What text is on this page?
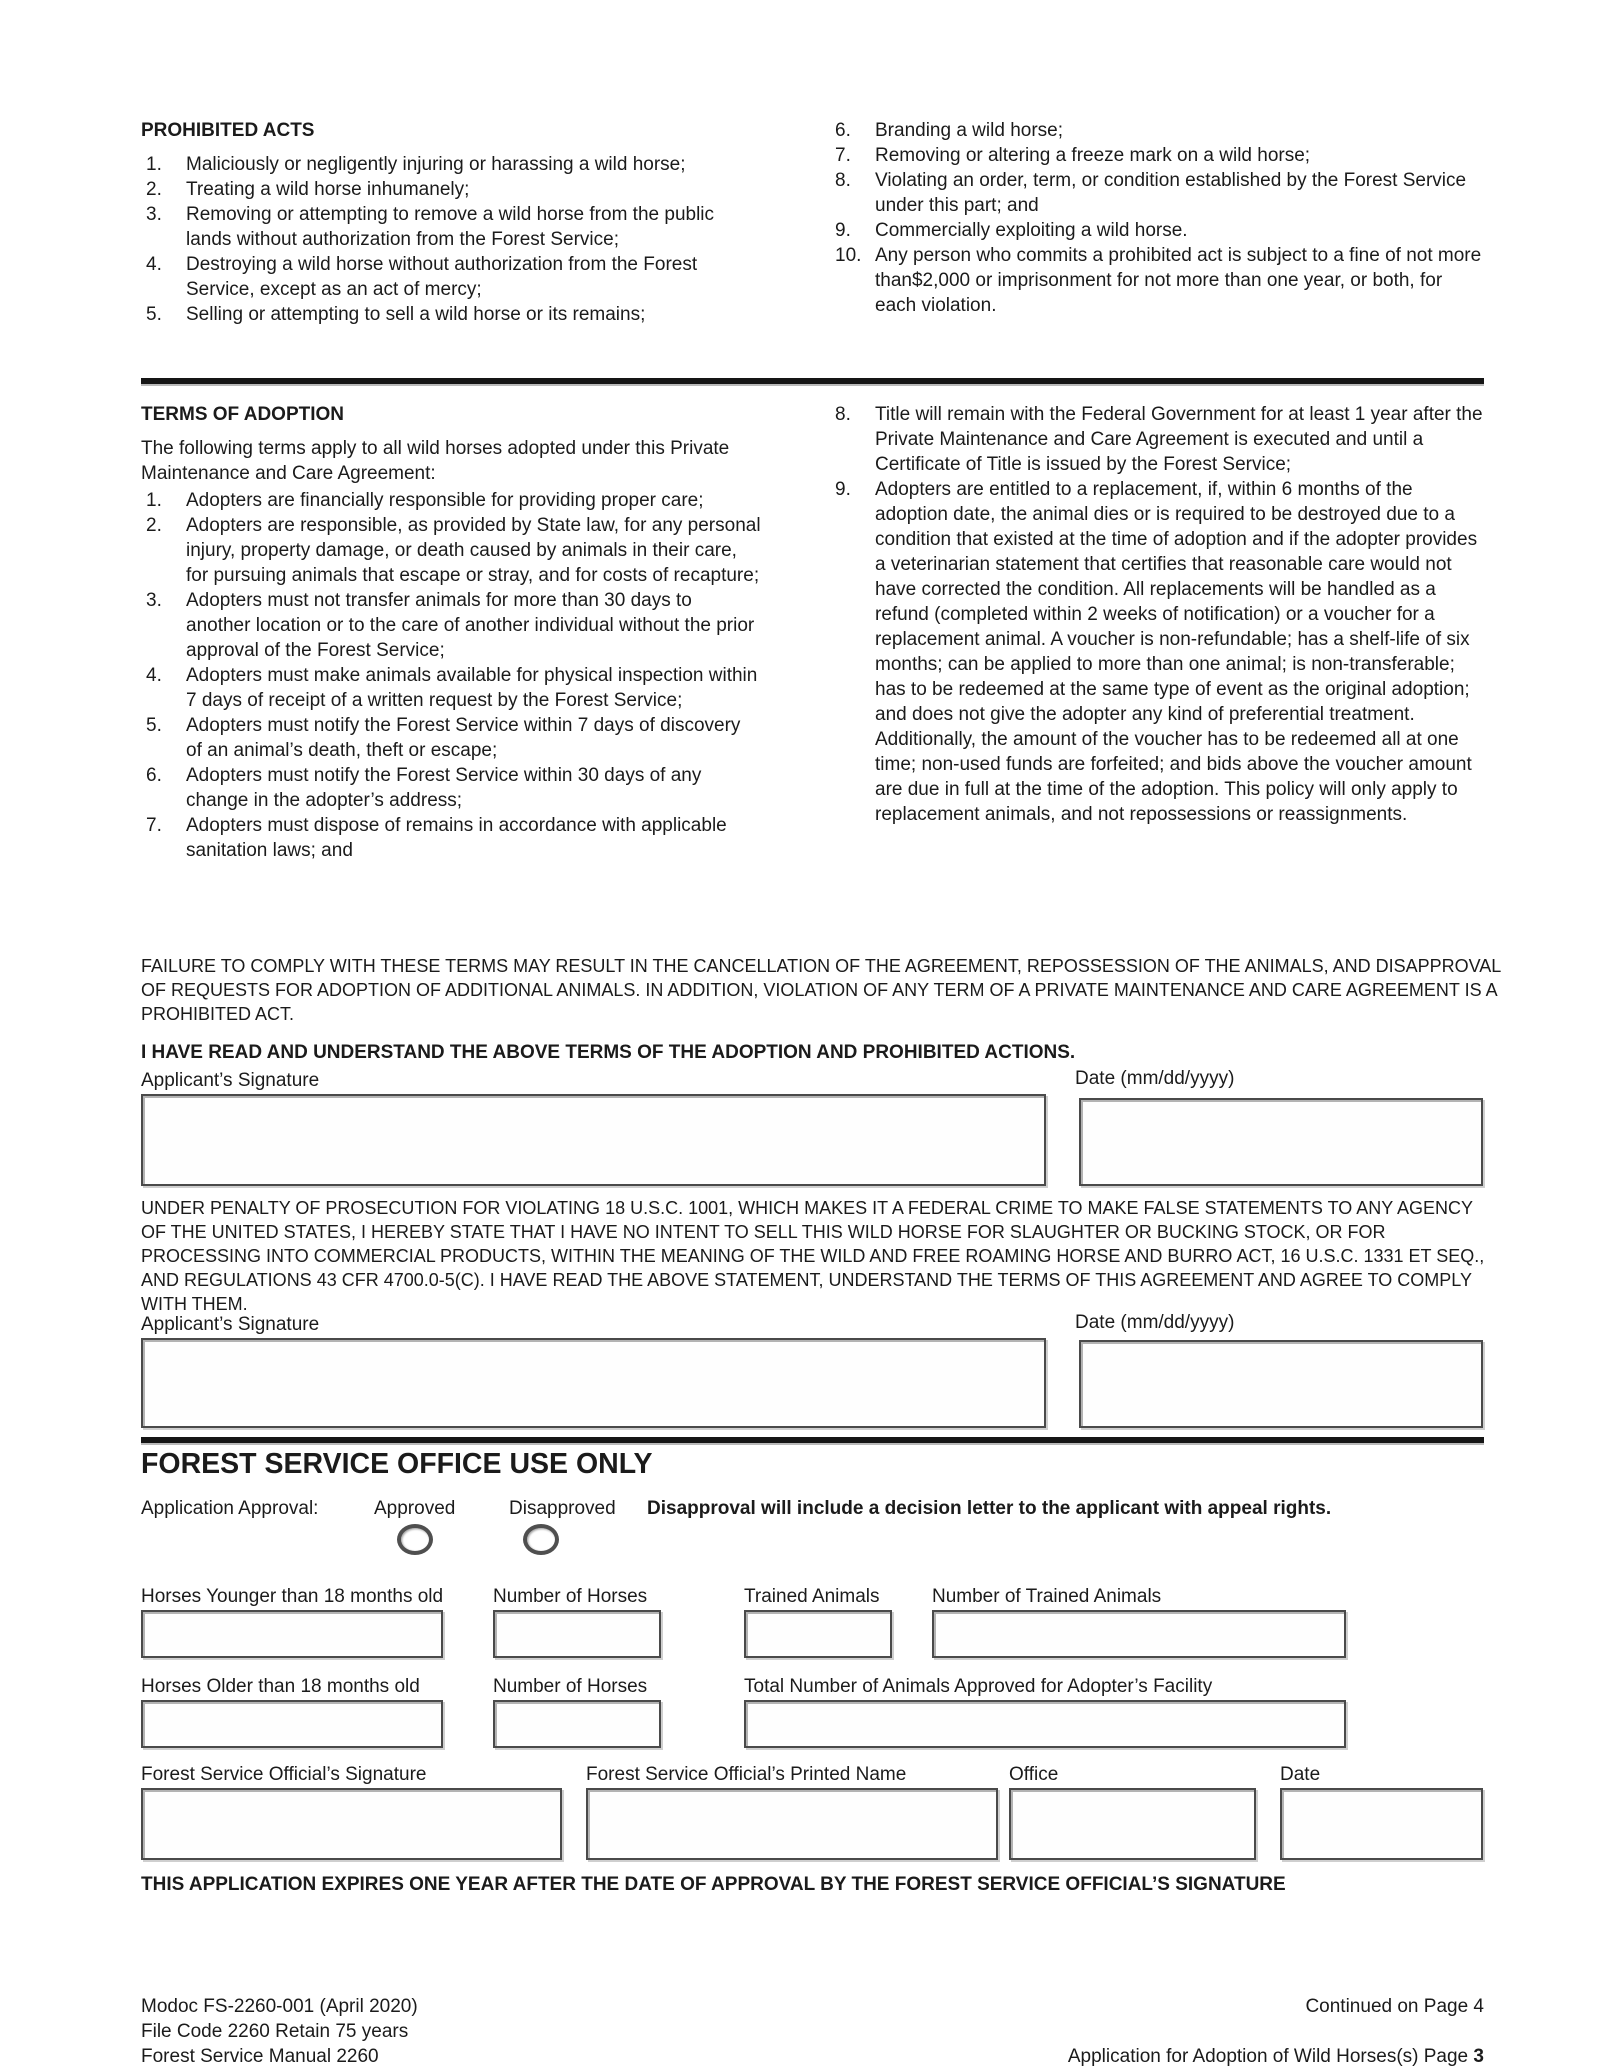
PROHIBITED ACTS
1.	Maliciously or negligently injuring or harassing a wild horse;
2.	Treating a wild horse inhumanely;
3.	Removing or attempting to remove a wild horse from the public lands without authorization from the Forest Service;
4.	Destroying a wild horse without authorization from the Forest Service, except as an act of mercy;
5.	Selling or attempting to sell a wild horse or its remains;
6.	Branding a wild horse;
7.	Removing or altering a freeze mark on a wild horse;
8.	Violating an order, term, or condition established by the Forest Service under this part; and
9.	Commercially exploiting a wild horse.
10. Any person who commits a prohibited act is subject to a fine of not more than$2,000 or imprisonment for not more than one year, or both, for each violation.
TERMS OF ADOPTION

The following terms apply to all wild horses adopted under this Private Maintenance and Care Agreement:

1.	Adopters are financially responsible for providing proper care;
2.	Adopters are responsible, as provided by State law, for any personal injury, property damage, or death caused by animals in their care, for pursuing animals that escape or stray, and for costs of recapture;
3.	Adopters must not transfer animals for more than 30 days to another location or to the care of another individual without the prior approval of the Forest Service;
4.	Adopters must make animals available for physical inspection within 7 days of receipt of a written request by the Forest Service;
5.	Adopters must notify the Forest Service within 7 days of discovery of an animal’s death, theft or escape;
6.	Adopters must notify the Forest Service within 30 days of any change in the adopter’s address;
7.	Adopters must dispose of remains in accordance with applicable sanitation laws; and
8.	Title will remain with the Federal Government for at least 1 year after the Private Maintenance and Care Agreement is executed and until a Certificate of Title is issued by the Forest Service;
9.	Adopters are entitled to a replacement, if, within 6 months of the adoption date, the animal dies or is required to be destroyed due to a condition that existed at the time of adoption and if the adopter provides a veterinarian statement that certifies that reasonable care would not have corrected the condition. All replacements will be handled as a refund (completed within 2 weeks of notification) or a voucher for a replacement animal. A voucher is non-refundable; has a shelf-life of six months; can be applied to more than one animal; is non-transferable; has to be redeemed at the same type of event as the original adoption; and does not give the adopter any kind of preferential treatment. Additionally, the amount of the voucher has to be redeemed all at one time; non-used funds are forfeited; and bids above the voucher amount are due in full at the time of the adoption. This policy will only apply to replacement animals, and not repossessions or reassignments.

FAILURE TO COMPLY WITH THESE TERMS MAY RESULT IN THE CANCELLATION OF THE AGREEMENT, REPOSSESSION OF THE ANIMALS, AND DISAPPROVAL OF REQUESTS FOR ADOPTION OF ADDITIONAL ANIMALS. IN ADDITION, VIOLATION OF ANY TERM OF A PRIVATE MAINTENANCE AND CARE AGREEMENT IS A PROHIBITED ACT.

I HAVE READ AND UNDERSTAND THE ABOVE TERMS OF THE ADOPTION AND PROHIBITED ACTIONS.

Applicant’s Signature	Date (mm/dd/yyyy)

UNDER PENALTY OF PROSECUTION FOR VIOLATING 18 U.S.C. 1001, WHICH MAKES IT A FEDERAL CRIME TO MAKE FALSE STATEMENTS TO ANY AGENCY OF THE UNITED STATES, I HEREBY STATE THAT I HAVE NO INTENT TO SELL THIS WILD HORSE FOR SLAUGHTER OR BUCKING STOCK, OR FOR PROCESSING INTO COMMERCIAL PRODUCTS, WITHIN THE MEANING OF THE WILD AND FREE ROAMING HORSE AND BURRO ACT, 16 U.S.C. 1331 ET SEQ., AND REGULATIONS 43 CFR 4700.0-5(C). I HAVE READ THE ABOVE STATEMENT, UNDERSTAND THE TERMS OF THIS AGREEMENT AND AGREE TO COMPLY WITH THEM.

Applicant’s Signature	Date (mm/dd/yyyy)
FOREST SERVICE OFFICE USE ONLY
Application Approval:	Approved	Disapproved Disapproval will include a decision letter to the applicant with appeal rights.
Horses Younger than 18 months old	Number of Horses	Trained Animals	Number of Trained Animals
Horses Older than 18 months old	Number of Horses	Total Number of Animals Approved for Adopter’s Facility
Forest Service Official’s Signature	Forest Service Official’s Printed Name	Office	Date

THIS APPLICATION EXPIRES ONE YEAR AFTER THE DATE OF APPROVAL BY THE FOREST SERVICE OFFICIAL’S SIGNATURE

Modoc FS-2260-001 (April 2020)
File Code 2260 Retain 75 years
Forest Service Manual 2260
Continued on Page 4
Application for Adoption of Wild Horses(s) Page 3
